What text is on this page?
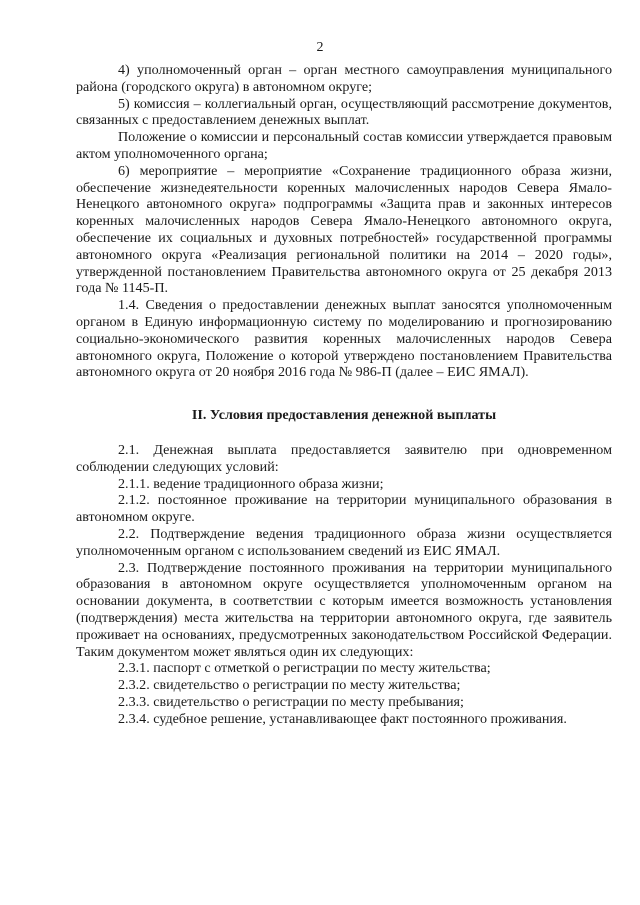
2

4) уполномоченный орган – орган местного самоуправления муниципального района (городского округа) в автономном округе;

5) комиссия – коллегиальный орган, осуществляющий рассмотрение документов, связанных с предоставлением денежных выплат.

Положение о комиссии и персональный состав комиссии утверждается правовым актом уполномоченного органа;

6) мероприятие – мероприятие «Сохранение традиционного образа жизни, обеспечение жизнедеятельности коренных малочисленных народов Севера Ямало-Ненецкого автономного округа» подпрограммы «Защита прав и законных интересов коренных малочисленных народов Севера Ямало-Ненецкого автономного округа, обеспечение их социальных и духовных потребностей» государственной программы автономного округа «Реализация региональной политики на 2014 – 2020 годы», утвержденной постановлением Правительства автономного округа от 25 декабря 2013 года № 1145-П.

1.4. Сведения о предоставлении денежных выплат заносятся уполномоченным органом в Единую информационную систему по моделированию и прогнозированию социально-экономического развития коренных малочисленных народов Севера автономного округа, Положение о которой утверждено постановлением Правительства автономного округа от 20 ноября 2016 года № 986-П (далее – ЕИС ЯМАЛ).

II. Условия предоставления денежной выплаты

2.1. Денежная выплата предоставляется заявителю при одновременном соблюдении следующих условий:

2.1.1. ведение традиционного образа жизни;

2.1.2. постоянное проживание на территории муниципального образования в автономном округе.

2.2. Подтверждение ведения традиционного образа жизни осуществляется уполномоченным органом с использованием сведений из ЕИС ЯМАЛ.

2.3. Подтверждение постоянного проживания на территории муниципального образования в автономном округе осуществляется уполномоченным органом на основании документа, в соответствии с которым имеется возможность установления (подтверждения) места жительства на территории автономного округа, где заявитель проживает на основаниях, предусмотренных законодательством Российской Федерации. Таким документом может являться один их следующих:

2.3.1. паспорт с отметкой о регистрации по месту жительства;

2.3.2. свидетельство о регистрации по месту жительства;

2.3.3. свидетельство о регистрации по месту пребывания;

2.3.4. судебное решение, устанавливающее факт постоянного проживания.
